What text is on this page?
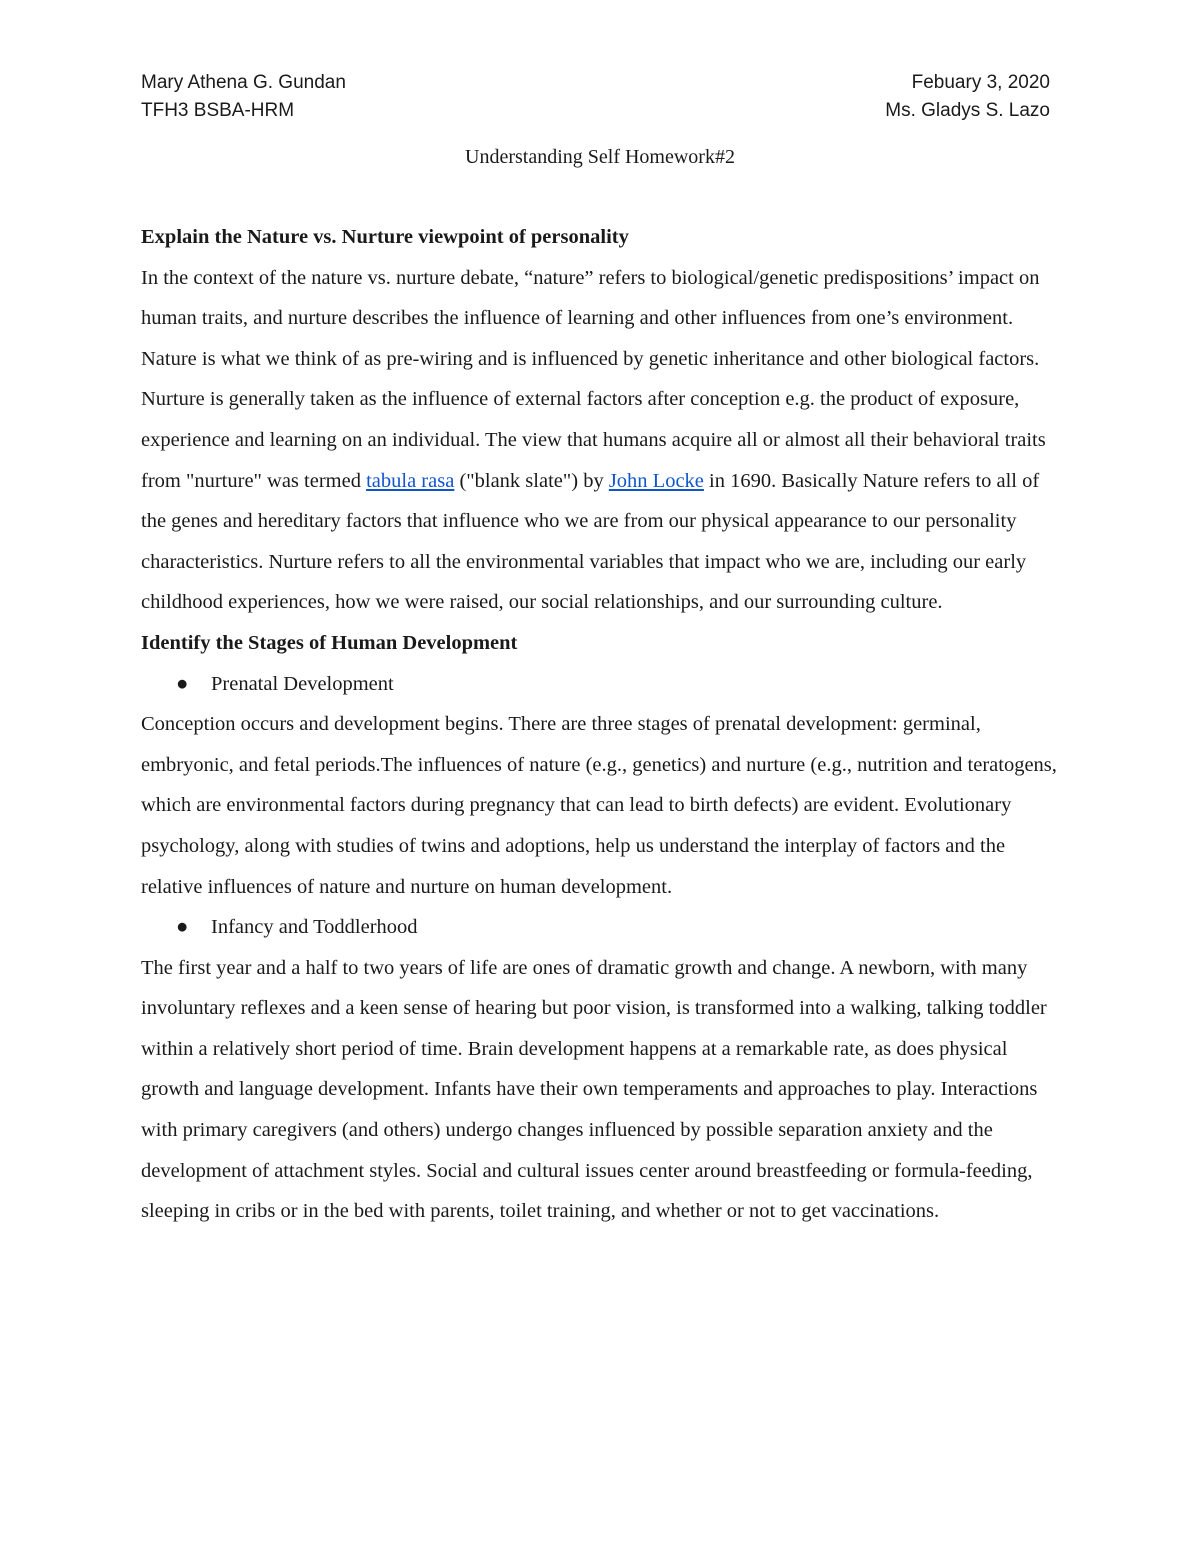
Mary Athena G. Gundan	Febuary 3, 2020
TFH3 BSBA-HRM	Ms. Gladys S. Lazo
Understanding Self Homework#2

Explain the Nature vs. Nurture viewpoint of personality

In the context of the nature vs. nurture debate, “nature” refers to biological/genetic predispositions’ impact on human traits, and nurture describes the influence of learning and other influences from one’s environment. Nature is what we think of as pre-wiring and is influenced by genetic inheritance and other biological factors. Nurture is generally taken as the influence of external factors after conception e.g. the product of exposure, experience and learning on an individual. The view that humans acquire all or almost all their behavioral traits from "nurture" was termed tabula rasa ("blank slate") by John Locke in 1690. Basically Nature refers to all of the genes and hereditary factors that influence who we are from our physical appearance to our personality characteristics. Nurture refers to all the environmental variables that impact who we are, including our early childhood experiences, how we were raised, our social relationships, and our surrounding culture.

Identify the Stages of Human Development

● Prenatal Development

Conception occurs and development begins. There are three stages of prenatal development: germinal, embryonic, and fetal periods.The influences of nature (e.g., genetics) and nurture (e.g., nutrition and teratogens, which are environmental factors during pregnancy that can lead to birth defects) are evident. Evolutionary psychology, along with studies of twins and adoptions, help us understand the interplay of factors and the relative influences of nature and nurture on human development.

● Infancy and Toddlerhood

The first year and a half to two years of life are ones of dramatic growth and change. A newborn, with many involuntary reflexes and a keen sense of hearing but poor vision, is transformed into a walking, talking toddler within a relatively short period of time. Brain development happens at a remarkable rate, as does physical growth and language development. Infants have their own temperaments and approaches to play. Interactions with primary caregivers (and others) undergo changes influenced by possible separation anxiety and the development of attachment styles. Social and cultural issues center around breastfeeding or formula-feeding, sleeping in cribs or in the bed with parents, toilet training, and whether or not to get vaccinations.
